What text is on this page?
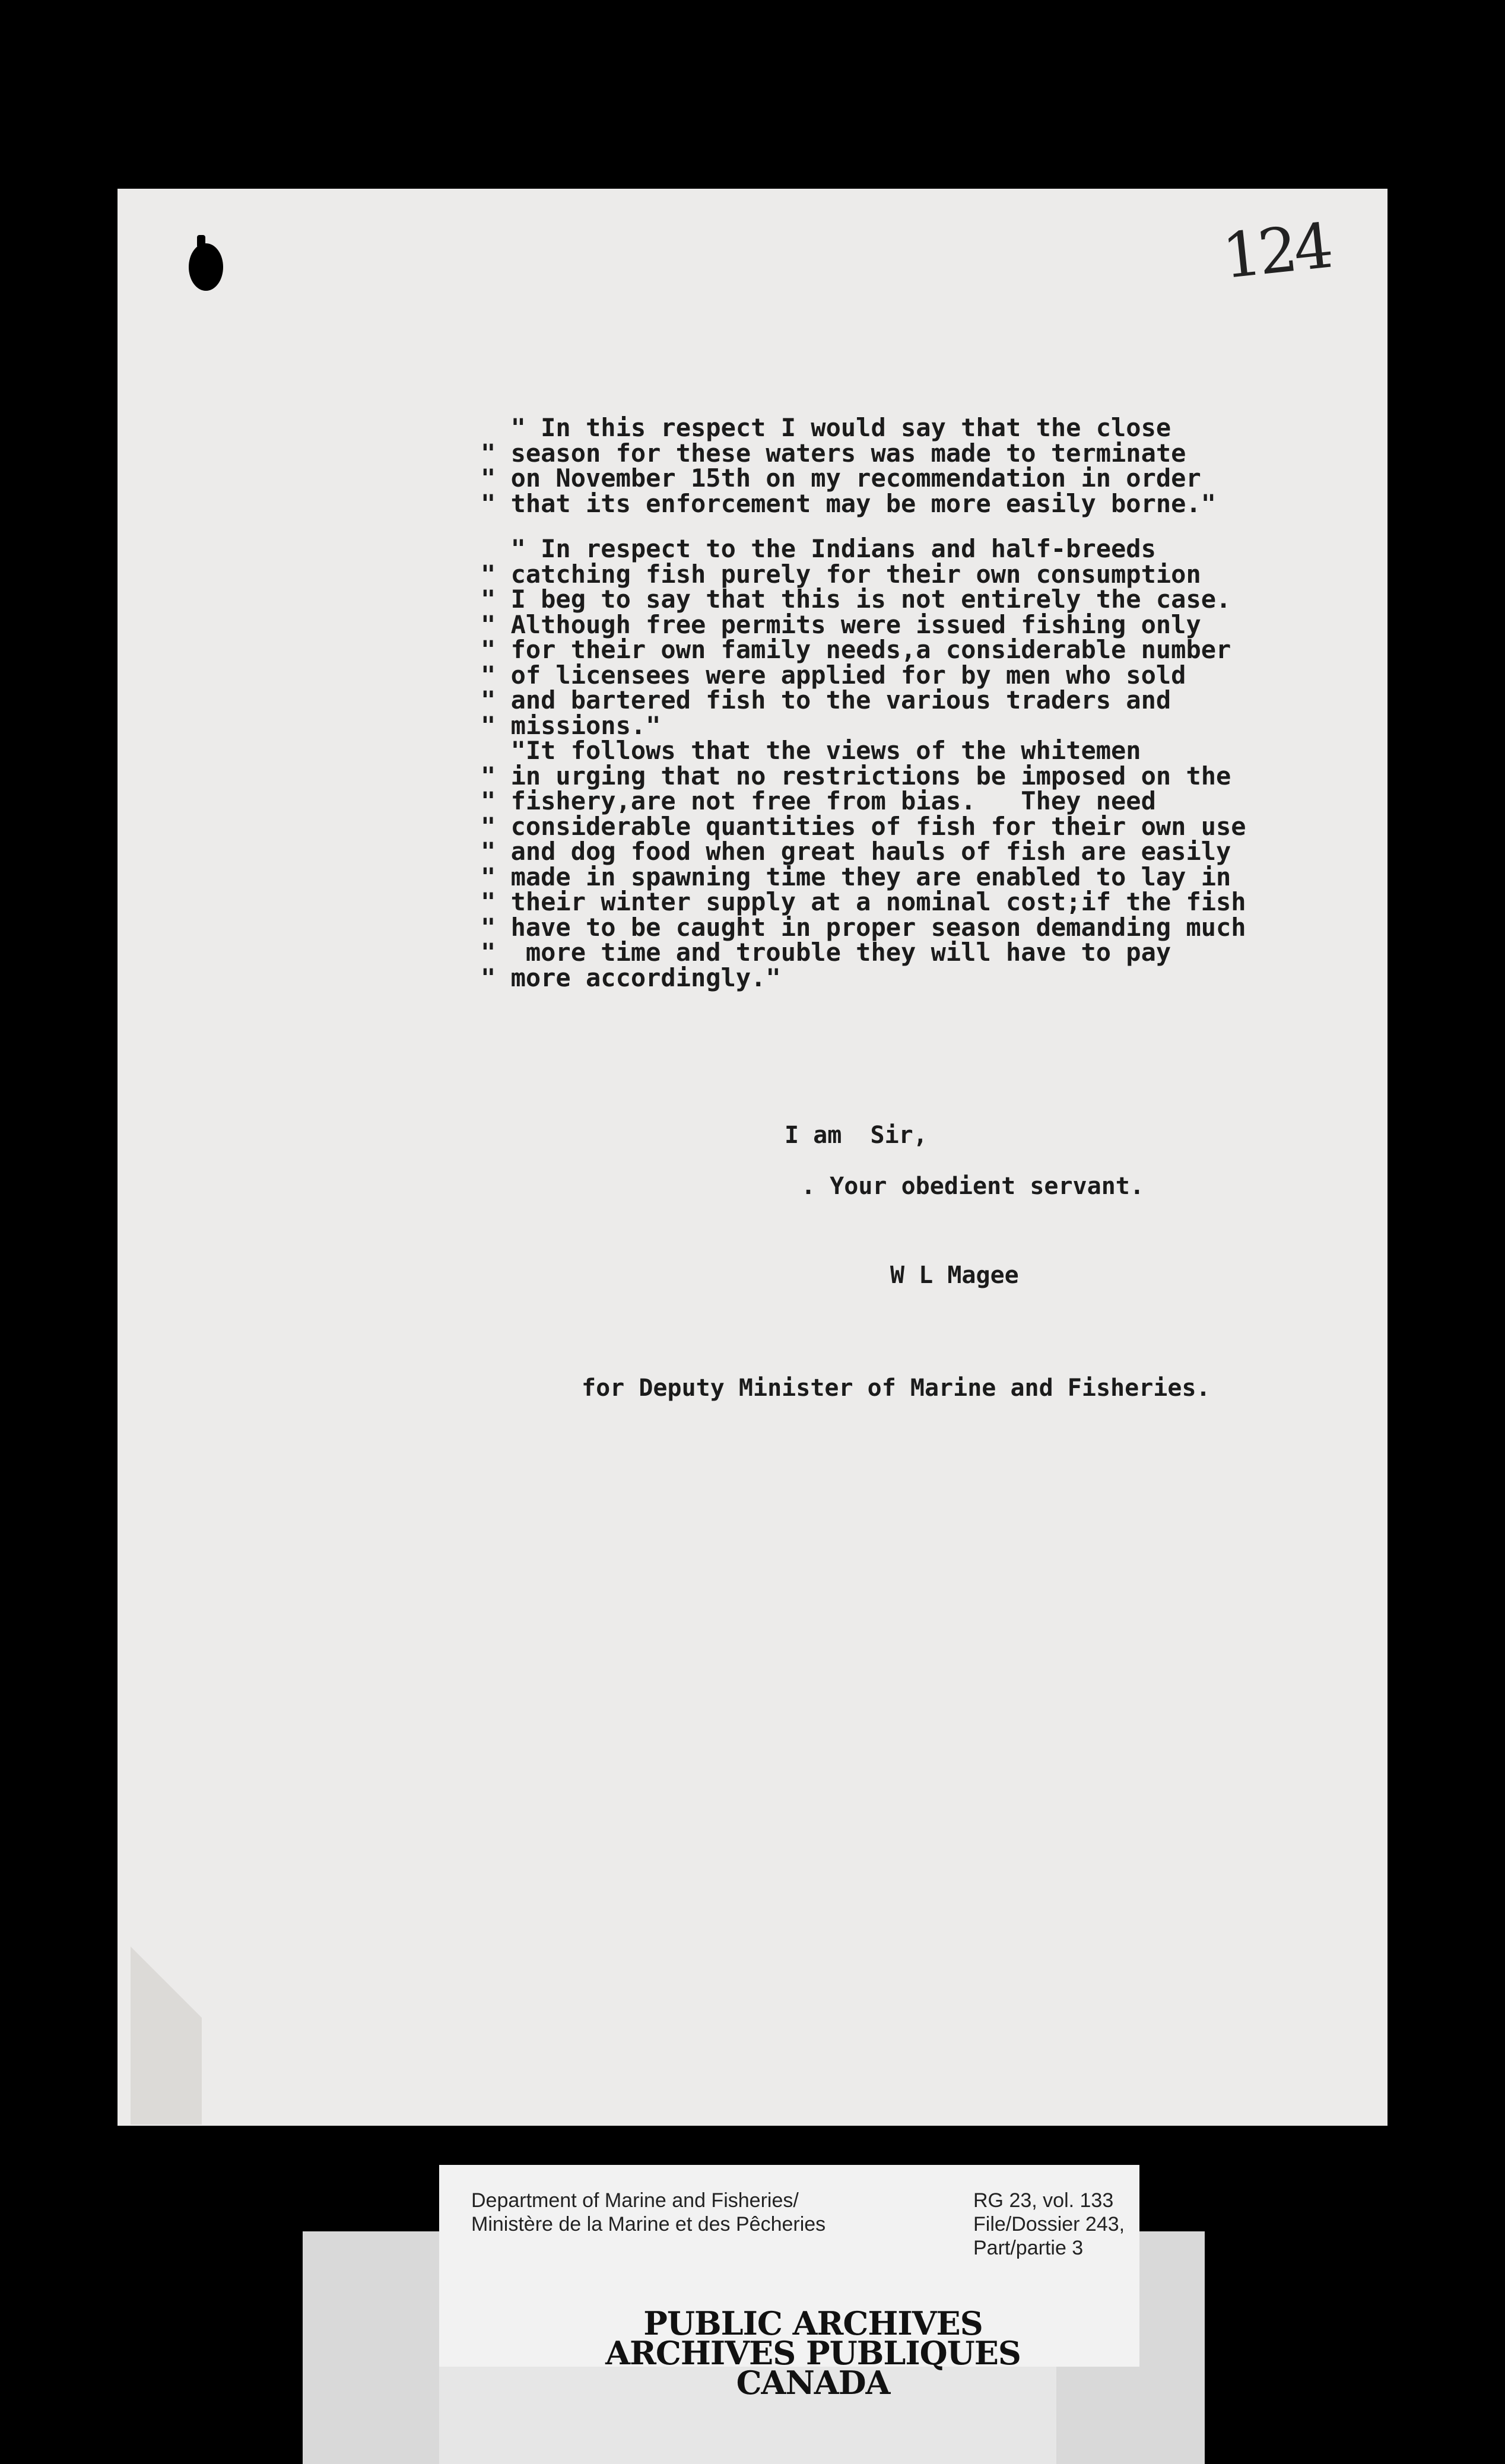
124
" In this respect I would say that the close
" season for these waters was made to terminate
" on November 15th on my recommendation in order
" that its enforcement may be more easily borne."
" In respect to the Indians and half-breeds
" catching fish purely for their own consumption
" I beg to say that this is not entirely the case.
" Although free permits were issued fishing only
" for their own family needs,a considerable number
" of licensees were applied for by men who sold
" and bartered fish to the various traders and
" missions."
"It follows that the views of the whitemen
" in urging that no restrictions be imposed on the
" fishery,are not free from bias.   They need
" considerable quantities of fish for their own use
" and dog food when great hauls of fish are easily
" made in spawning time they are enabled to lay in
" their winter supply at a nominal cost;if the fish
" have to be caught in proper season demanding much
"  more time and trouble they will have to pay
" more accordingly."
I am  Sir,
. Your obedient servant.
W L Magee
for Deputy Minister of Marine and Fisheries.
Department of Marine and Fisheries/
Ministère de la Marine et des Pêcheries
RG 23, vol. 133
File/Dossier 243,
Part/partie 3
PUBLIC ARCHIVES
ARCHIVES PUBLIQUES
CANADA
